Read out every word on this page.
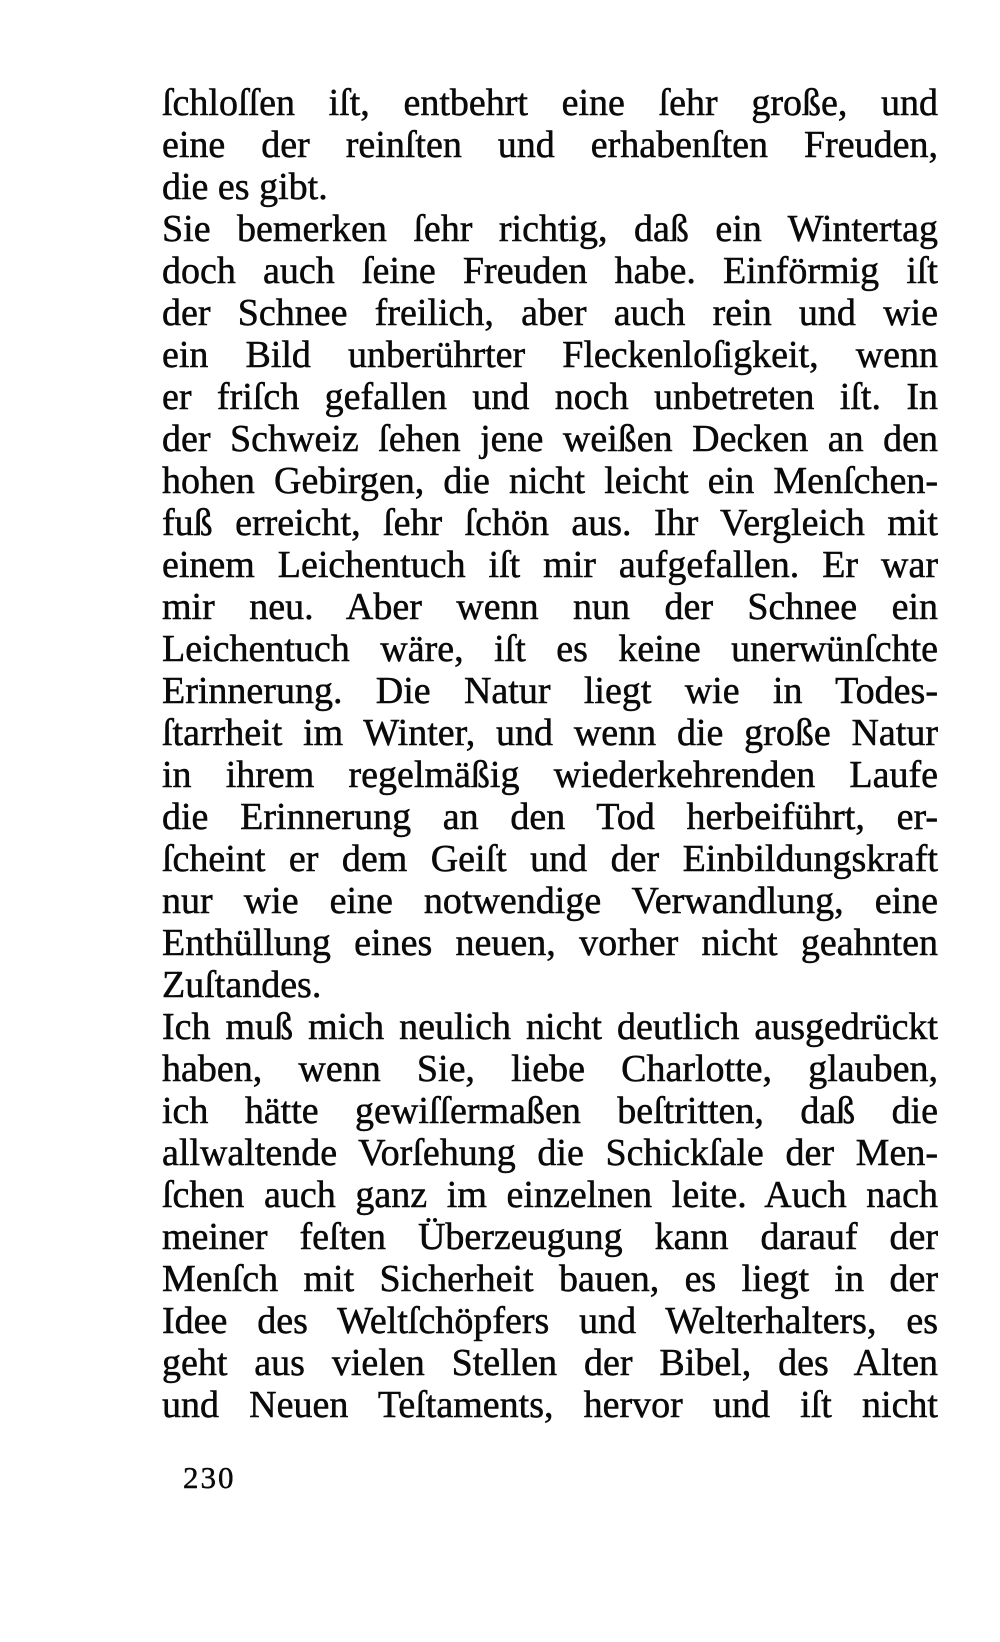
ſchloſſen iſt, entbehrt eine ſehr große, und
eine der reinſten und erhabenſten Freuden,
die es gibt.
Sie bemerken ſehr richtig, daß ein Wintertag
doch auch ſeine Freuden habe. Einförmig iſt
der Schnee freilich, aber auch rein und wie
ein Bild unberührter Fleckenloſigkeit, wenn
er friſch gefallen und noch unbetreten iſt. In
der Schweiz ſehen jene weißen Decken an den
hohen Gebirgen, die nicht leicht ein Menſchen-
fuß erreicht, ſehr ſchön aus. Ihr Vergleich mit
einem Leichentuch iſt mir aufgefallen. Er war
mir neu. Aber wenn nun der Schnee ein
Leichentuch wäre, iſt es keine unerwünſchte
Erinnerung. Die Natur liegt wie in Todes-
ſtarrheit im Winter, und wenn die große Natur
in ihrem regelmäßig wiederkehrenden Laufe
die Erinnerung an den Tod herbeiführt, er-
ſcheint er dem Geiſt und der Einbildungskraft
nur wie eine notwendige Verwandlung, eine
Enthüllung eines neuen, vorher nicht geahnten
Zuſtandes.
Ich muß mich neulich nicht deutlich ausgedrückt
haben, wenn Sie, liebe Charlotte, glauben,
ich hätte gewiſſermaßen beſtritten, daß die
allwaltende Vorſehung die Schickſale der Men-
ſchen auch ganz im einzelnen leite. Auch nach
meiner feſten Überzeugung kann darauf der
Menſch mit Sicherheit bauen, es liegt in der
Idee des Weltſchöpfers und Welterhalters, es
geht aus vielen Stellen der Bibel, des Alten
und Neuen Teſtaments, hervor und iſt nicht
230
